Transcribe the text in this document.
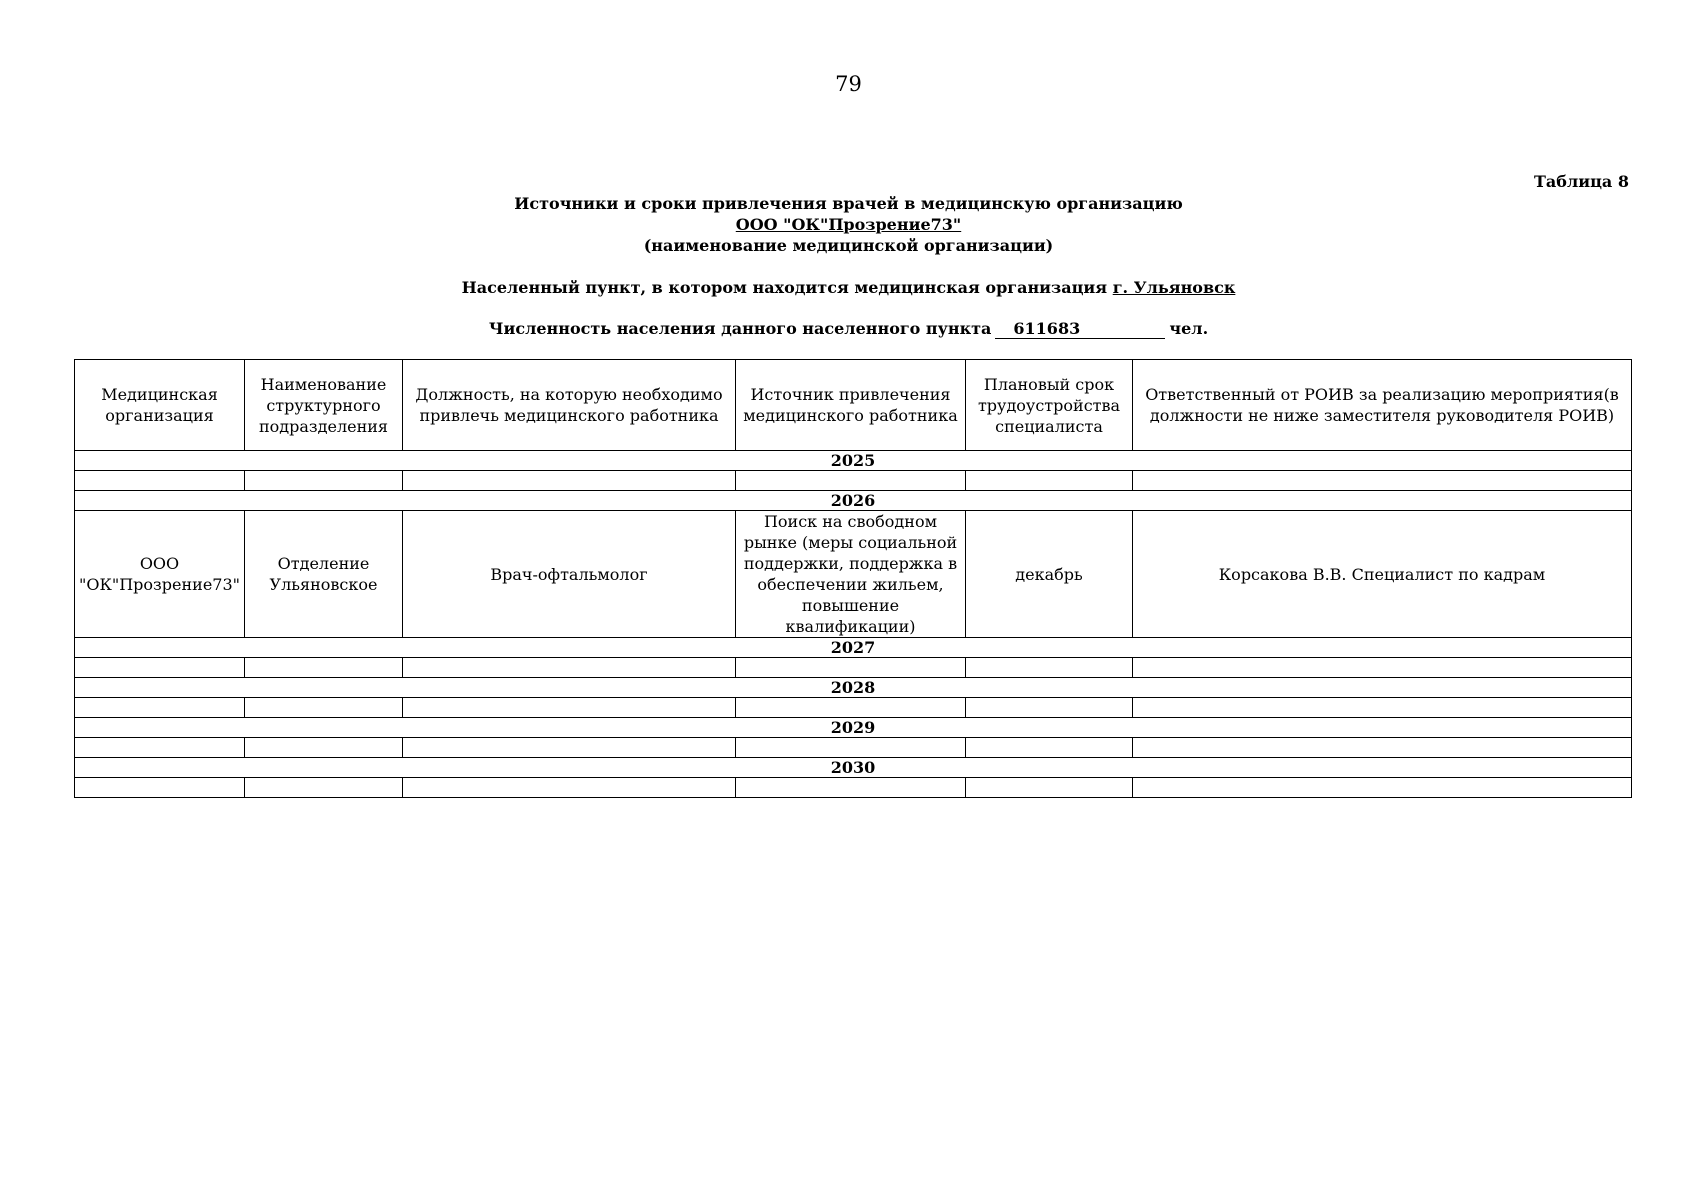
79
Таблица 8
Источники и сроки привлечения врачей в медицинскую организацию
ООО "ОК"Прозрение73"
(наименование медицинской организации)
Населенный пункт, в котором находится медицинская организация г. Ульяновск
Численность населения данного населенного пункта 611683	чел.
Медицинская организация	Наименование структурного подразделения	Должность, на которую необходимо привлечь медицинского работника	Источник привлечения медицинского работника	Плановый срок трудоустройства специалиста	Ответственный от РОИВ за реализацию мероприятия(в должности не ниже заместителя руководителя РОИВ)
2025					

2026					
ООО "ОК"Прозрение73"	Отделение Ульяновское	Врач-офтальмолог	Поиск на свободном рынке (меры социальной поддержки, поддержка в обеспечении жильем, повышение квалификации)	декабрь	Корсакова В.В. Специалист по кадрам
2027					

2028					

2029					

2030					
